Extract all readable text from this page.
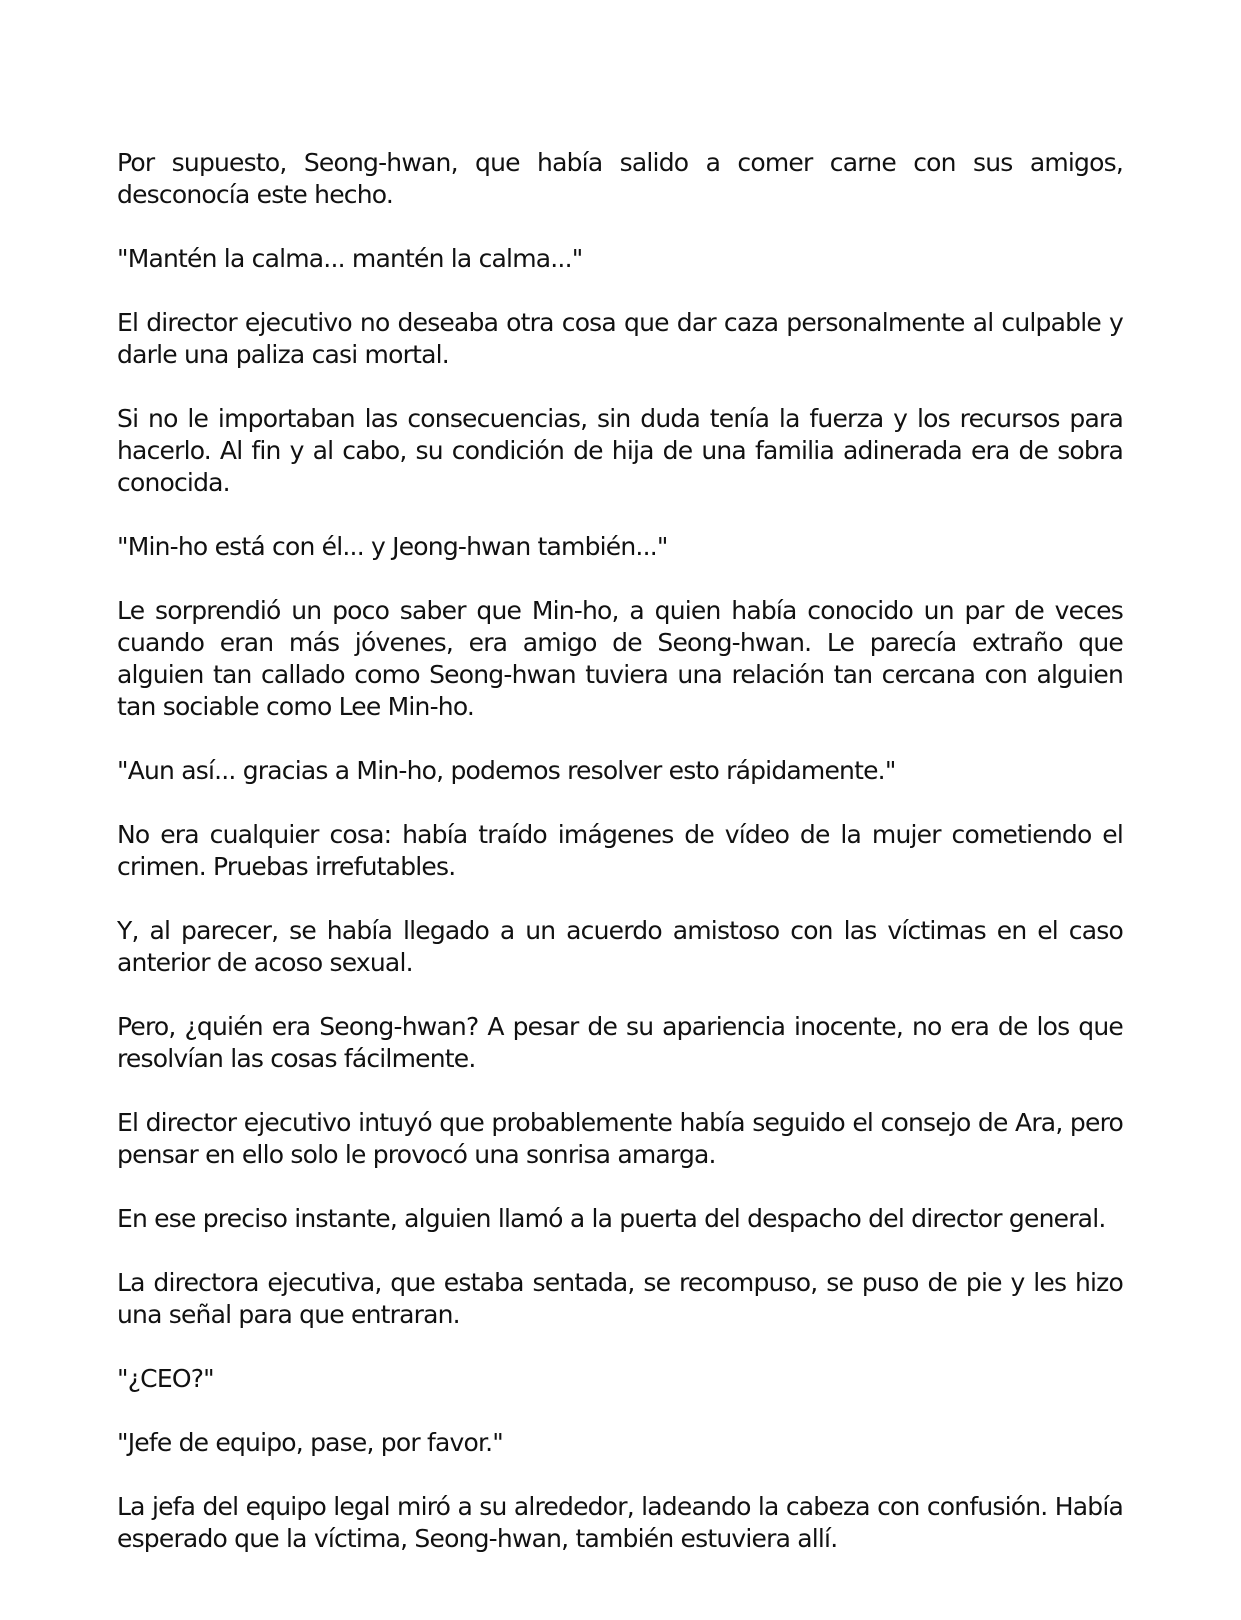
Por supuesto, Seong-hwan, que había salido a comer carne con sus amigos, desconocía este hecho.

"Mantén la calma... mantén la calma..."

El director ejecutivo no deseaba otra cosa que dar caza personalmente al culpable y darle una paliza casi mortal.

Si no le importaban las consecuencias, sin duda tenía la fuerza y los recursos para hacerlo. Al fin y al cabo, su condición de hija de una familia adinerada era de sobra conocida.

"Min-ho está con él... y Jeong-hwan también..."

Le sorprendió un poco saber que Min-ho, a quien había conocido un par de veces cuando eran más jóvenes, era amigo de Seong-hwan. Le parecía extraño que alguien tan callado como Seong-hwan tuviera una relación tan cercana con alguien tan sociable como Lee Min-ho.

"Aun así... gracias a Min-ho, podemos resolver esto rápidamente."

No era cualquier cosa: había traído imágenes de vídeo de la mujer cometiendo el crimen. Pruebas irrefutables.

Y, al parecer, se había llegado a un acuerdo amistoso con las víctimas en el caso anterior de acoso sexual.

Pero, ¿quién era Seong-hwan? A pesar de su apariencia inocente, no era de los que resolvían las cosas fácilmente.

El director ejecutivo intuyó que probablemente había seguido el consejo de Ara, pero pensar en ello solo le provocó una sonrisa amarga.

En ese preciso instante, alguien llamó a la puerta del despacho del director general.

La directora ejecutiva, que estaba sentada, se recompuso, se puso de pie y les hizo una señal para que entraran.

"¿CEO?"

"Jefe de equipo, pase, por favor."

La jefa del equipo legal miró a su alrededor, ladeando la cabeza con confusión. Había esperado que la víctima, Seong-hwan, también estuviera allí.
